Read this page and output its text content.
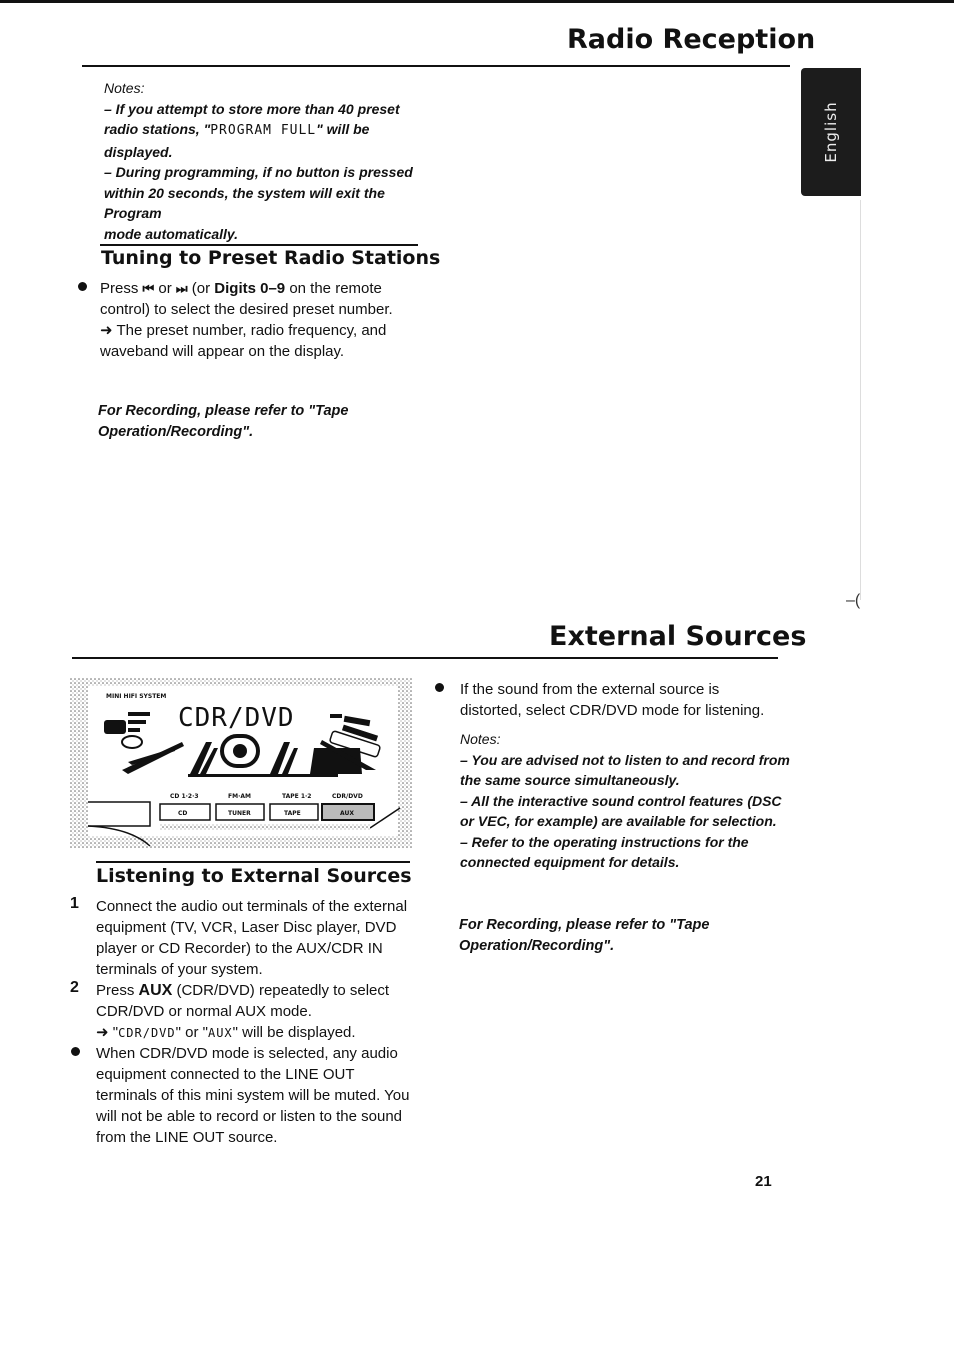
Radio Reception
English
Notes:
– If you attempt to store more than 40 preset
radio stations, "PROGRAM FULL" will be
displayed.
– During programming, if no button is pressed
within 20 seconds, the system will exit the Program
mode automatically.
Tuning to Preset Radio Stations
Press ⏮ or ⏭ (or Digits 0–9 on the remote
control) to select the desired preset number.
➜ The preset number, radio frequency, and
waveband will appear on the display.
For Recording, please refer to "Tape
Operation/Recording".
–(
External Sources
MINI HIFI SYSTEM
CDR/DVD
CD 1·2·3	FM·AM	TAPE 1·2	CDR/DVD
CD	TUNER	TAPE	AUX
Listening to External Sources
1 Connect the audio out terminals of the external
equipment (TV, VCR, Laser Disc player, DVD
player or CD Recorder) to the AUX/CDR IN
terminals of your system.
2 Press AUX (CDR/DVD) repeatedly to select
CDR/DVD or normal AUX mode.
➜ "CDR/DVD" or "AUX" will be displayed.
When CDR/DVD mode is selected, any audio
equipment connected to the LINE OUT
terminals of this mini system will be muted. You
will not be able to record or listen to the sound
from the LINE OUT source.
If the sound from the external source is
distorted, select CDR/DVD mode for listening.
Notes:
– You are advised not to listen to and record from
the same source simultaneously.
– All the interactive sound control features (DSC
or VEC, for example) are available for selection.
– Refer to the operating instructions for the
connected equipment for details.
For Recording, please refer to "Tape
Operation/Recording".
21
